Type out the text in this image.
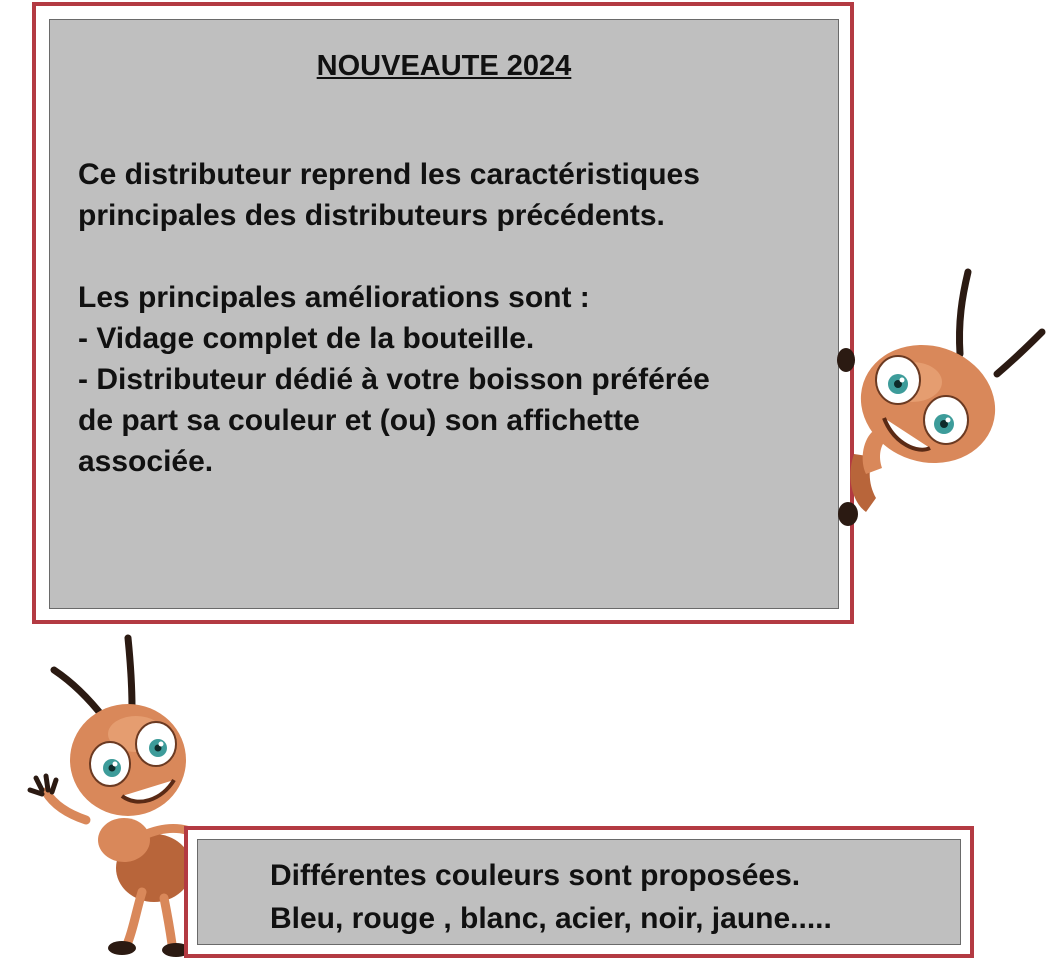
NOUVEAUTE 2024

Ce distributeur reprend les caractéristiques

principales des distributeurs précédents.

Les principales améliorations sont :

- Vidage complet de la bouteille.

- Distributeur dédié à votre boisson préférée

de part sa couleur et (ou) son affichette

associée.

Différentes couleurs sont proposées.

Bleu, rouge , blanc, acier, noir, jaune.....
